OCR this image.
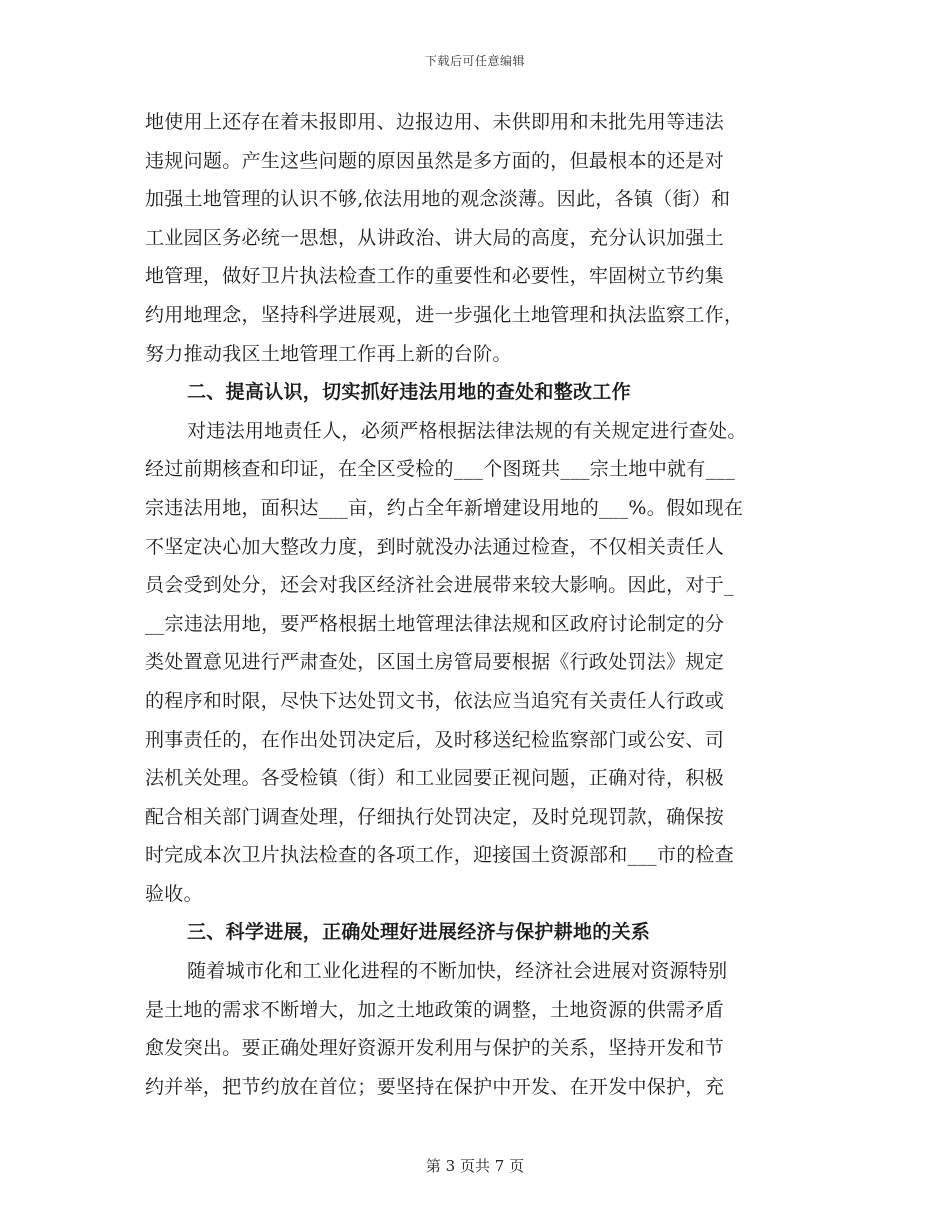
下载后可任意编辑
地使用上还存在着未报即用、边报边用、未供即用和未批先用等违法
违规问题。产生这些问题的原因虽然是多方面的，但最根本的还是对
加强土地管理的认识不够,依法用地的观念淡薄。因此，各镇（街）和
工业园区务必统一思想，从讲政治、讲大局的高度，充分认识加强土
地管理，做好卫片执法检查工作的重要性和必要性，牢固树立节约集
约用地理念，坚持科学进展观，进一步强化土地管理和执法监察工作，
努力推动我区土地管理工作再上新的台阶。
二、提高认识，切实抓好违法用地的查处和整改工作
对违法用地责任人，必须严格根据法律法规的有关规定进行查处。
经过前期核查和印证，在全区受检的___个图斑共___宗土地中就有___
宗违法用地，面积达___亩，约占全年新增建设用地的___%。假如现在
不坚定决心加大整改力度，到时就没办法通过检查，不仅相关责任人
员会受到处分，还会对我区经济社会进展带来较大影响。因此，对于_
__宗违法用地，要严格根据土地管理法律法规和区政府讨论制定的分
类处置意见进行严肃查处，区国土房管局要根据《行政处罚法》规定
的程序和时限，尽快下达处罚文书，依法应当追究有关责任人行政或
刑事责任的，在作出处罚决定后，及时移送纪检监察部门或公安、司
法机关处理。各受检镇（街）和工业园要正视问题，正确对待，积极
配合相关部门调查处理，仔细执行处罚决定，及时兑现罚款，确保按
时完成本次卫片执法检查的各项工作，迎接国土资源部和___市的检查
验收。
三、科学进展，正确处理好进展经济与保护耕地的关系
随着城市化和工业化进程的不断加快，经济社会进展对资源特别
是土地的需求不断增大，加之土地政策的调整，土地资源的供需矛盾
愈发突出。要正确处理好资源开发利用与保护的关系，坚持开发和节
约并举，把节约放在首位；要坚持在保护中开发、在开发中保护，充
第 3 页共 7 页
